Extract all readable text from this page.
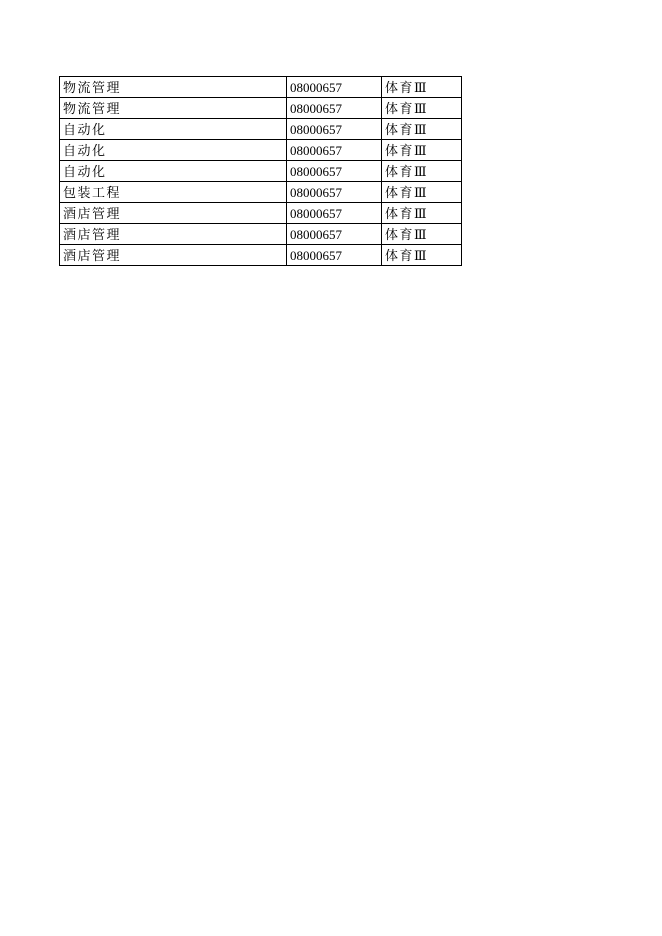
物流管理	08000657	体育Ⅲ
物流管理	08000657	体育Ⅲ
自动化	08000657	体育Ⅲ
自动化	08000657	体育Ⅲ
自动化	08000657	体育Ⅲ
包装工程	08000657	体育Ⅲ
酒店管理	08000657	体育Ⅲ
酒店管理	08000657	体育Ⅲ
酒店管理	08000657	体育Ⅲ
